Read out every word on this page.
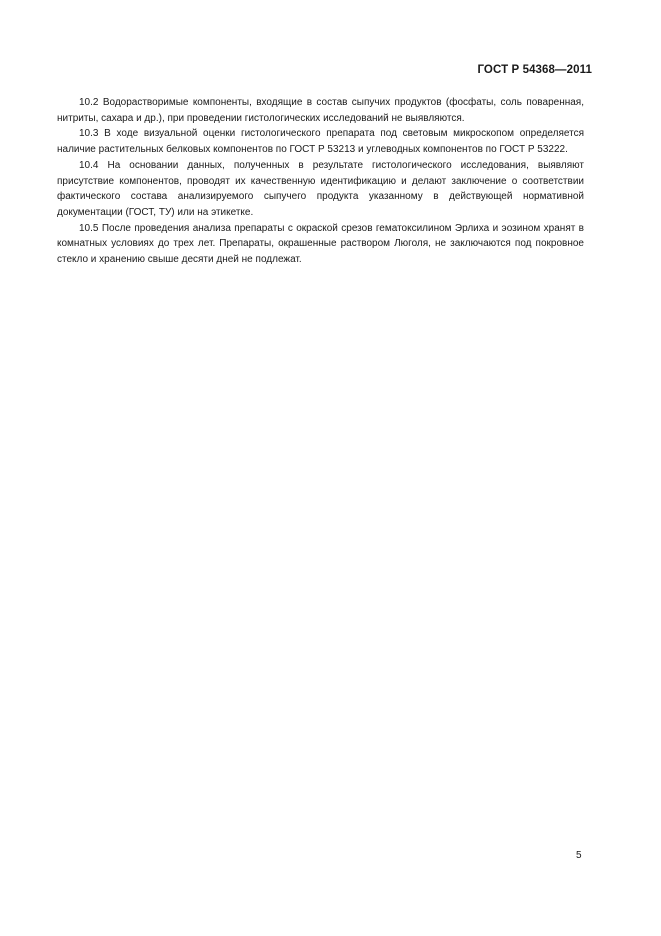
ГОСТ Р 54368—2011

10.2 Водорастворимые компоненты, входящие в состав сыпучих продуктов (фосфаты, соль поваренная, нитриты, сахара и др.), при проведении гистологических исследований не выявляются.

10.3 В ходе визуальной оценки гистологического препарата под световым микроскопом определяется наличие растительных белковых компонентов по ГОСТ Р 53213 и углеводных компонентов по ГОСТ Р 53222.

10.4 На основании данных, полученных в результате гистологического исследования, выявляют присутствие компонентов, проводят их качественную идентификацию и делают заключение о соответствии фактического состава анализируемого сыпучего продукта указанному в действующей нормативной документации (ГОСТ, ТУ) или на этикетке.

10.5 После проведения анализа препараты с окраской срезов гематоксилином Эрлиха и эозином хранят в комнатных условиях до трех лет. Препараты, окрашенные раствором Люголя, не заключаются под покровное стекло и хранению свыше десяти дней не подлежат.

5
